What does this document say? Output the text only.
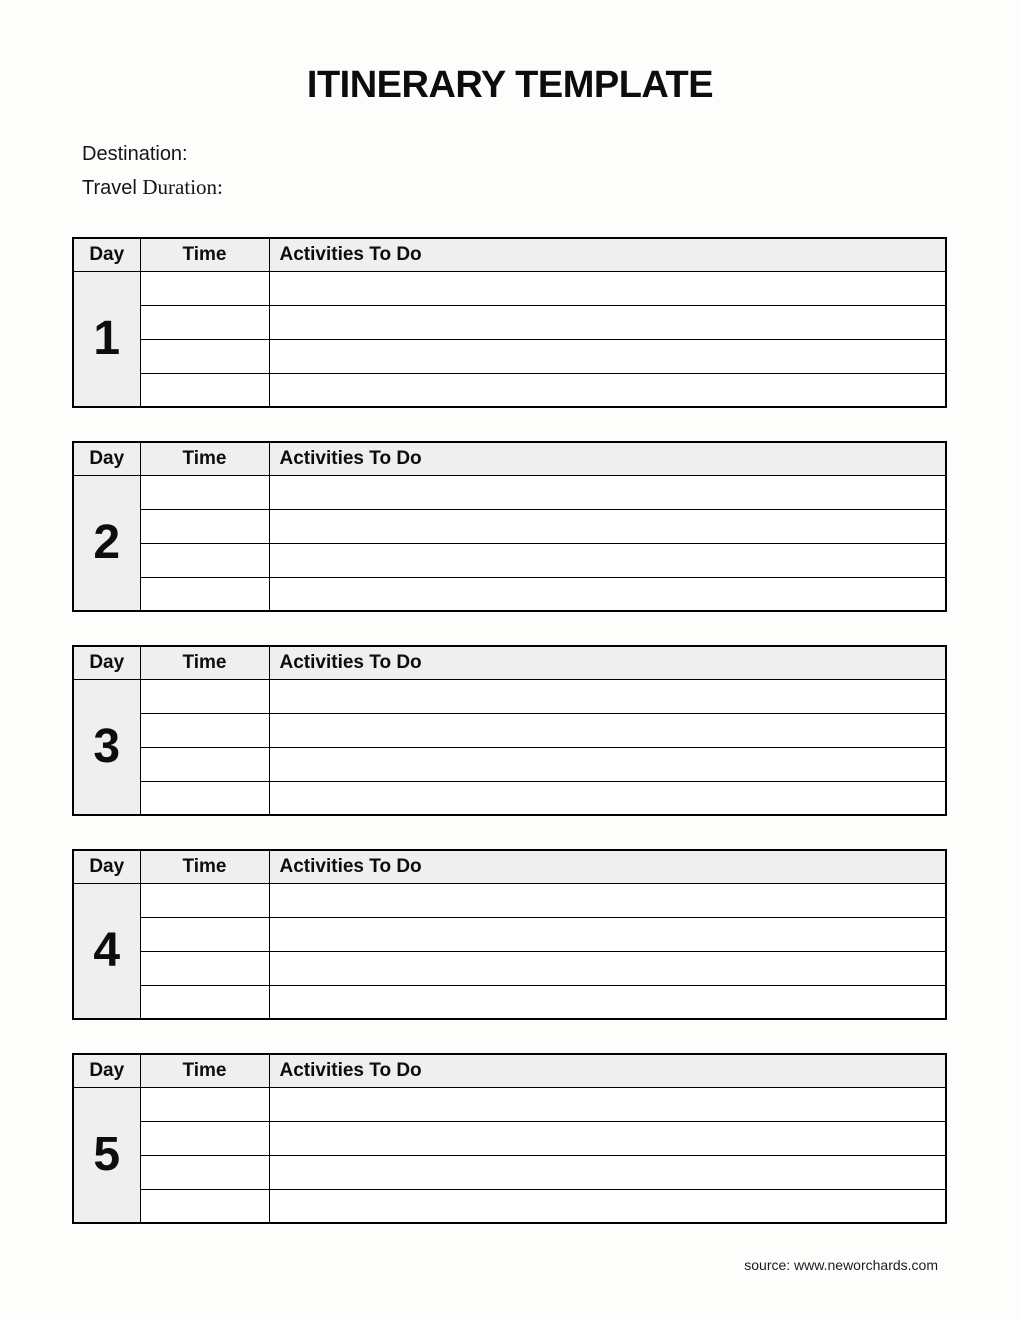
ITINERARY TEMPLATE
Destination:
Travel Duration:
Day	Time	Activities To Do
1		

Day	Time	Activities To Do
2		

Day	Time	Activities To Do
3		

Day	Time	Activities To Do
4		

Day	Time	Activities To Do
5		

source: www.neworchards.com
